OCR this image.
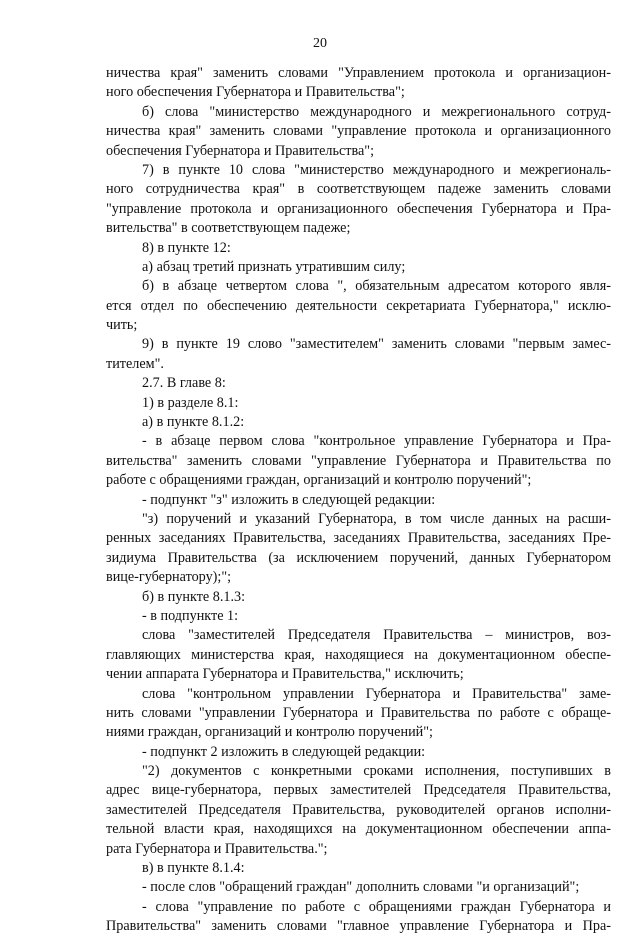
20
ничества края" заменить словами "Управлением протокола и организацион-
ного обеспечения Губернатора и Правительства";
б) слова "министерство международного и межрегионального сотруд-
ничества края" заменить словами "управление протокола и организационного
обеспечения Губернатора и Правительства";
7) в пункте 10 слова "министерство международного и межрегиональ-
ного сотрудничества края" в соответствующем падеже заменить словами
"управление протокола и организационного обеспечения Губернатора и Пра-
вительства" в соответствующем падеже;
8) в пункте 12:
а) абзац третий признать утратившим силу;
б) в абзаце четвертом слова ", обязательным адресатом которого явля-
ется отдел по обеспечению деятельности секретариата Губернатора," исклю-
чить;
9) в пункте 19 слово "заместителем" заменить словами "первым замес-
тителем".
2.7. В главе 8:
1) в разделе 8.1:
а) в пункте 8.1.2:
- в абзаце первом слова "контрольное управление Губернатора и Пра-
вительства" заменить словами "управление Губернатора и Правительства по
работе с обращениями граждан, организаций и контролю поручений";
- подпункт "з" изложить в следующей редакции:
"з) поручений и указаний Губернатора, в том числе данных на расши-
ренных заседаниях Правительства, заседаниях Правительства, заседаниях Пре-
зидиума Правительства (за исключением поручений, данных Губернатором
вице-губернатору);";
б) в пункте 8.1.3:
- в подпункте 1:
слова "заместителей Председателя Правительства – министров, воз-
главляющих министерства края, находящиеся на документационном обеспе-
чении аппарата Губернатора и Правительства," исключить;
слова "контрольном управлении Губернатора и Правительства" заме-
нить словами "управлении Губернатора и Правительства по работе с обраще-
ниями граждан, организаций и контролю поручений";
- подпункт 2 изложить в следующей редакции:
"2) документов с конкретными сроками исполнения, поступивших в
адрес вице-губернатора, первых заместителей Председателя Правительства,
заместителей Председателя Правительства, руководителей органов исполни-
тельной власти края, находящихся на документационном обеспечении аппа-
рата Губернатора и Правительства.";
в) в пункте 8.1.4:
- после слов "обращений граждан" дополнить словами "и организаций";
- слова "управление по работе с обращениями граждан Губернатора и
Правительства" заменить словами "главное управление Губернатора и Пра-
